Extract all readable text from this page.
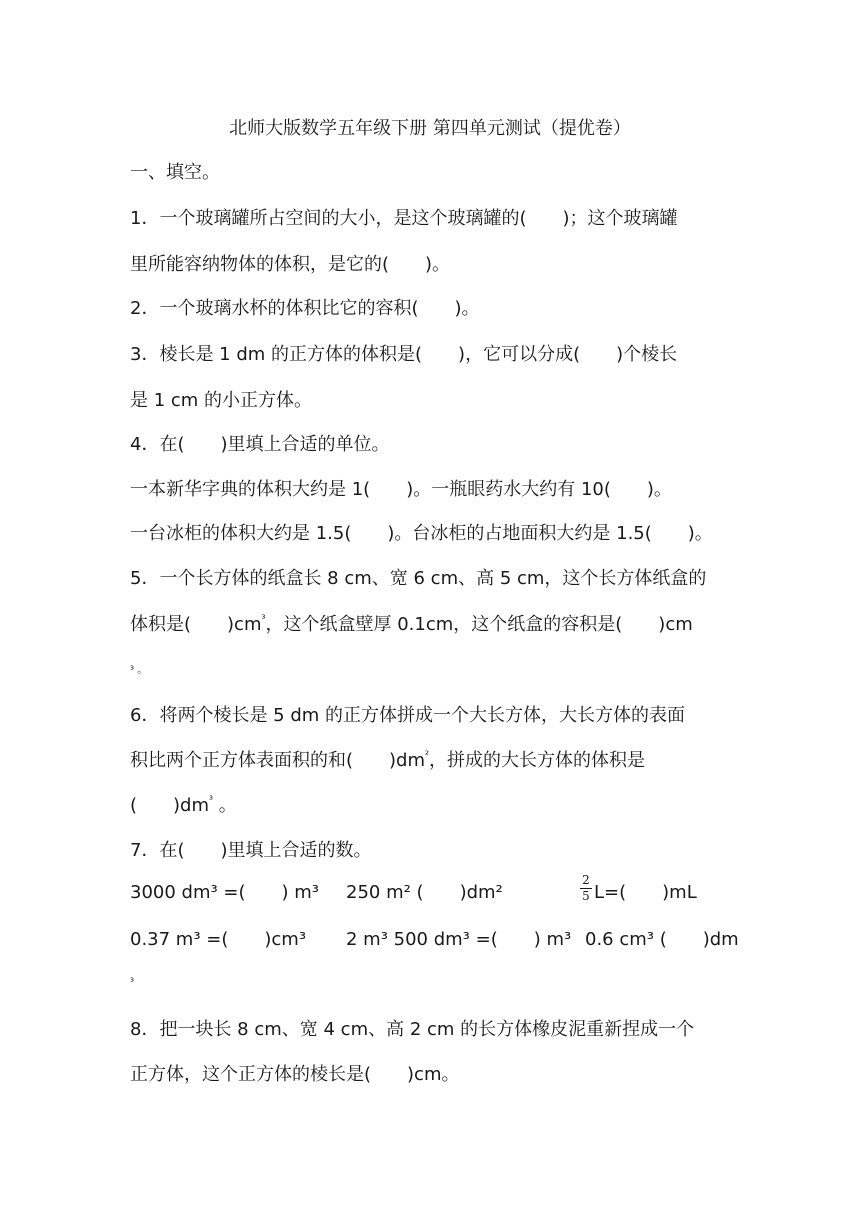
北师大版数学五年级下册 第四单元测试（提优卷）
一、填空。
1．一个玻璃罐所占空间的大小，是这个玻璃罐的(　　)；这个玻璃罐
里所能容纳物体的体积，是它的(　　)。
2．一个玻璃水杯的体积比它的容积(　　)。
3．棱长是 1 dm 的正方体的体积是(　　)，它可以分成(　　)个棱长
是 1 cm 的小正方体。
4．在(　　)里填上合适的单位。
一本新华字典的体积大约是 1(　　)。一瓶眼药水大约有 10(　　)。
一台冰柜的体积大约是 1.5(　　)。台冰柜的占地面积大约是 1.5(　　)。
5．一个长方体的纸盒长 8 cm、宽 6 cm、高 5 cm，这个长方体纸盒的
体积是(　　)$cm^{^3}$，这个纸盒壁厚 0.1cm，这个纸盒的容积是(　　)cm
³ 。
6．将两个棱长是 5 dm 的正方体拼成一个大长方体，大长方体的表面
积比两个正方体表面积的和(　　)$dm^{^2}$，拼成的大长方体的体积是
(　　)$dm^{^3}$ 。
7．在(　　)里填上合适的数。
3000 dm³ =(　　) m³ 250 m² (　　)dm²
2
5 L=(　　)mL
0.37 m³ =(　　)cm³ 2 m³ 500 dm³ =(　　) m³ 0.6 cm³ (　　)dm
³
8．把一块长 8 cm、宽 4 cm、高 2 cm 的长方体橡皮泥重新捏成一个
正方体，这个正方体的棱长是(　　)cm。
